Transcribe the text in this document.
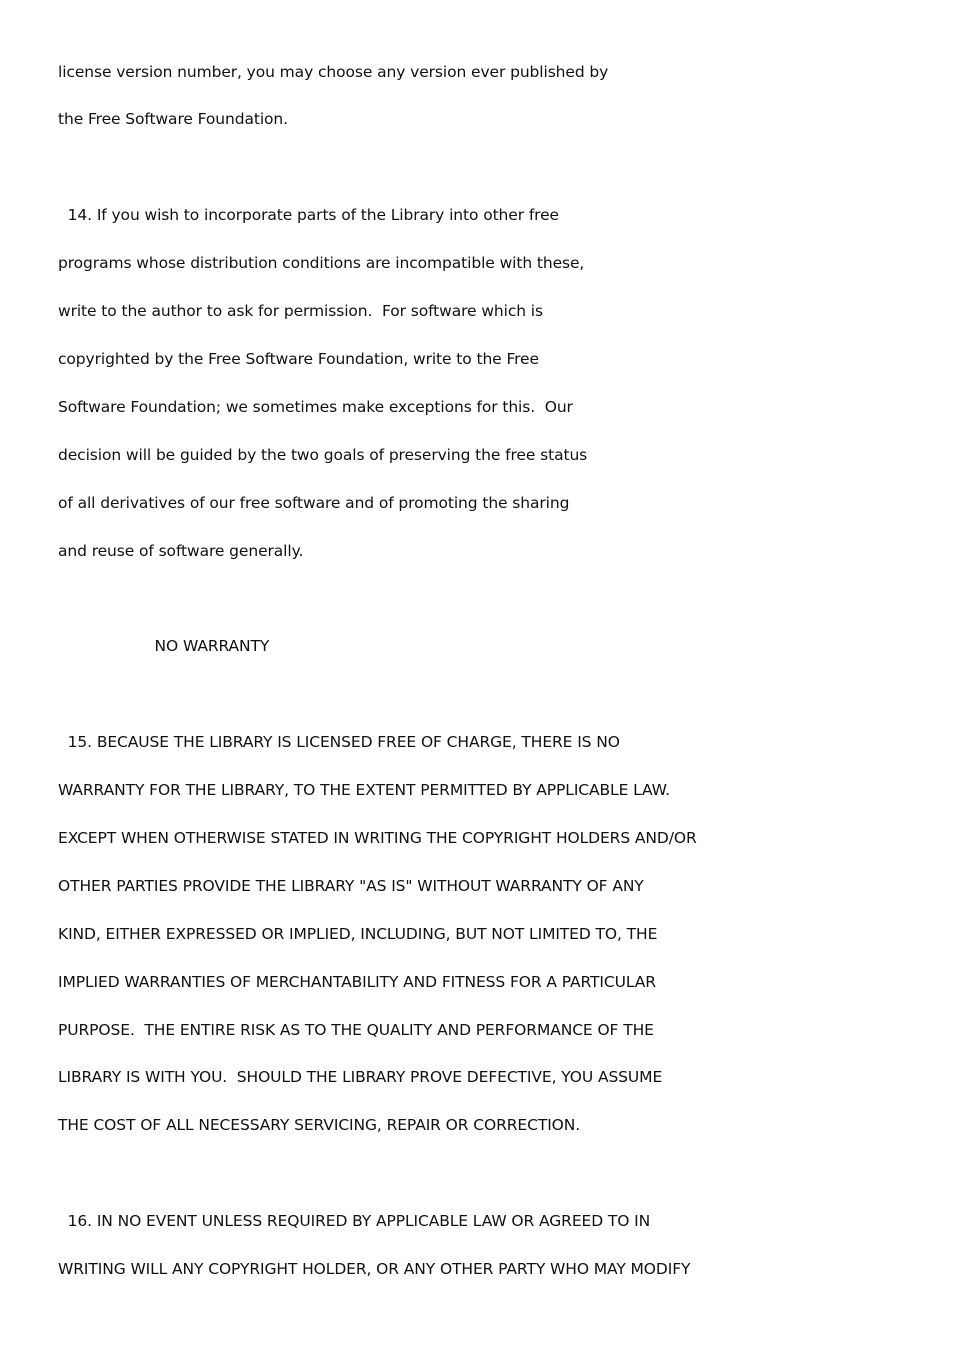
license version number, you may choose any version ever published by
the Free Software Foundation.
14. If you wish to incorporate parts of the Library into other free
programs whose distribution conditions are incompatible with these,
write to the author to ask for permission.  For software which is
copyrighted by the Free Software Foundation, write to the Free
Software Foundation; we sometimes make exceptions for this.  Our
decision will be guided by the two goals of preserving the free status
of all derivatives of our free software and of promoting the sharing
and reuse of software generally.
NO WARRANTY
15. BECAUSE THE LIBRARY IS LICENSED FREE OF CHARGE, THERE IS NO
WARRANTY FOR THE LIBRARY, TO THE EXTENT PERMITTED BY APPLICABLE LAW.
EXCEPT WHEN OTHERWISE STATED IN WRITING THE COPYRIGHT HOLDERS AND/OR
OTHER PARTIES PROVIDE THE LIBRARY "AS IS" WITHOUT WARRANTY OF ANY
KIND, EITHER EXPRESSED OR IMPLIED, INCLUDING, BUT NOT LIMITED TO, THE
IMPLIED WARRANTIES OF MERCHANTABILITY AND FITNESS FOR A PARTICULAR
PURPOSE.  THE ENTIRE RISK AS TO THE QUALITY AND PERFORMANCE OF THE
LIBRARY IS WITH YOU.  SHOULD THE LIBRARY PROVE DEFECTIVE, YOU ASSUME
THE COST OF ALL NECESSARY SERVICING, REPAIR OR CORRECTION.
16. IN NO EVENT UNLESS REQUIRED BY APPLICABLE LAW OR AGREED TO IN
WRITING WILL ANY COPYRIGHT HOLDER, OR ANY OTHER PARTY WHO MAY MODIFY
